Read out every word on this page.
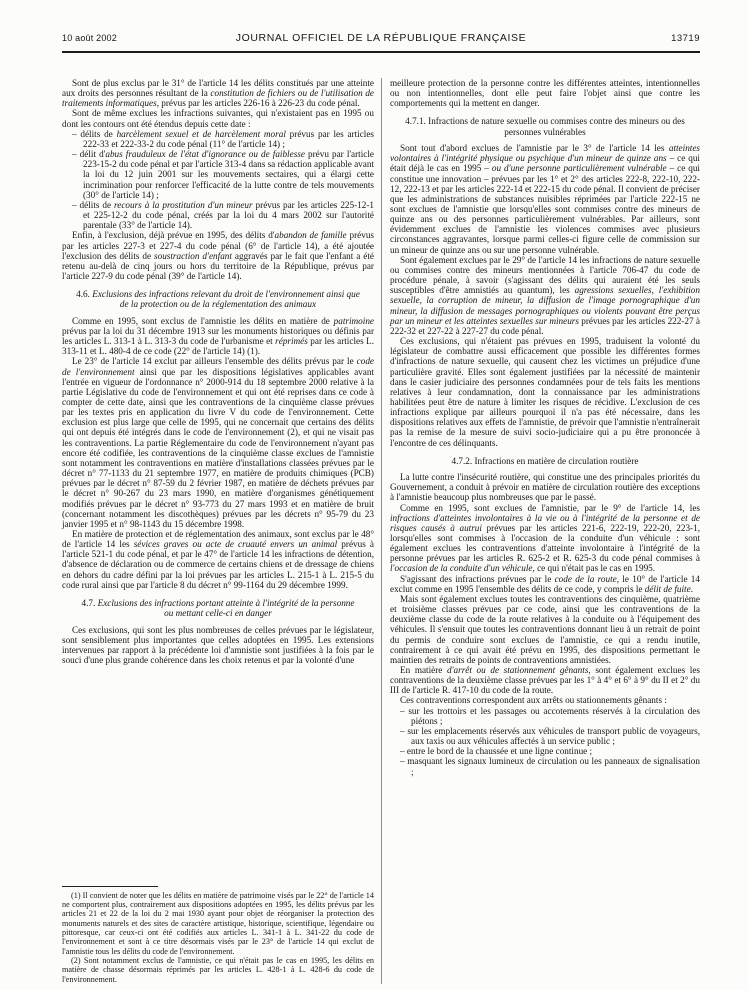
10 août 2002	JOURNAL OFFICIEL DE LA RÉPUBLIQUE FRANÇAISE	13719

Sont de plus exclus par le 31° de l'article 14 les délits constitués par une atteinte aux droits des personnes résultant de la constitution de fichiers ou de l'utilisation de traitements informatiques, prévus par les articles 226-16 à 226-23 du code pénal.

Sont de même exclues les infractions suivantes, qui n'existaient pas en 1995 ou dont les contours ont été étendus depuis cette date :

– délits de harcèlement sexuel et de harcèlement moral prévus par les articles 222-33 et 222-33-2 du code pénal (11° de l'article 14) ;

– délit d'abus frauduleux de l'état d'ignorance ou de faiblesse prévu par l'article 223-15-2 du code pénal et par l'article 313-4 dans sa rédaction applicable avant la loi du 12 juin 2001 sur les mouvements sectaires, qui a élargi cette incrimination pour renforcer l'efficacité de la lutte contre de tels mouvements (30° de l'article 14) ;

– délits de recours à la prostitution d'un mineur prévus par les articles 225-12-1 et 225-12-2 du code pénal, créés par la loi du 4 mars 2002 sur l'autorité parentale (33° de l'article 14).

Enfin, à l'exclusion, déjà prévue en 1995, des délits d'abandon de famille prévus par les articles 227-3 et 227-4 du code pénal (6° de l'article 14), a été ajoutée l'exclusion des délits de soustraction d'enfant aggravés par le fait que l'enfant a été retenu au-delà de cinq jours ou hors du territoire de la République, prévus par l'article 227-9 du code pénal (39° de l'article 14).

4.6. Exclusions des infractions relevant du droit de l'environnement ainsi que de la protection ou de la réglementation des animaux

Comme en 1995, sont exclus de l'amnistie les délits en matière de patrimoine prévus par la loi du 31 décembre 1913 sur les monuments historiques ou définis par les articles L. 313-1 à L. 313-3 du code de l'urbanisme et réprimés par les articles L. 313-11 et L. 480-4 de ce code (22° de l'article 14) (1).

Le 23° de l'article 14 exclut par ailleurs l'ensemble des délits prévus par le code de l'environnement ainsi que par les dispositions législatives applicables avant l'entrée en vigueur de l'ordonnance n° 2000-914 du 18 septembre 2000 relative à la partie Législative du code de l'environnement et qui ont été reprises dans ce code à compter de cette date, ainsi que les contraventions de la cinquième classe prévues par les textes pris en application du livre V du code de l'environnement. Cette exclusion est plus large que celle de 1995, qui ne concernait que certains des délits qui ont depuis été intégrés dans le code de l'environnement (2), et qui ne visait pas les contraventions. La partie Réglementaire du code de l'environnement n'ayant pas encore été codifiée, les contraventions de la cinquième classe exclues de l'amnistie sont notamment les contraventions en matière d'installations classées prévues par le décret n° 77-1133 du 21 septembre 1977, en matière de produits chimiques (PCB) prévues par le décret n° 87-59 du 2 février 1987, en matière de déchets prévues par le décret n° 90-267 du 23 mars 1990, en matière d'organismes génétiquement modifiés prévues par le décret n° 93-773 du 27 mars 1993 et en matière de bruit (concernant notamment les discothèques) prévues par les décrets n° 95-79 du 23 janvier 1995 et n° 98-1143 du 15 décembre 1998.

En matière de protection et de réglementation des animaux, sont exclus par le 48° de l'article 14 les sévices graves ou acte de cruauté envers un animal prévus à l'article 521-1 du code pénal, et par le 47° de l'article 14 les infractions de détention, d'absence de déclaration ou de commerce de certains chiens et de dressage de chiens en dehors du cadre défini par la loi prévues par les articles L. 215-1 à L. 215-5 du code rural ainsi que par l'article 8 du décret n° 99-1164 du 29 décembre 1999.

4.7. Exclusions des infractions portant atteinte à l'intégrité de la personne ou mettant celle-ci en danger

Ces exclusions, qui sont les plus nombreuses de celles prévues par le législateur, sont sensiblement plus importantes que celles adoptées en 1995. Les extensions intervenues par rapport à la précédente loi d'amnistie sont justifiées à la fois par le souci d'une plus grande cohérence dans les choix retenus et par la volonté d'une

(1) Il convient de noter que les délits en matière de patrimoine visés par le 22° de l'article 14 ne comportent plus, contrairement aux dispositions adoptées en 1995, les délits prévus par les articles 21 et 22 de la loi du 2 mai 1930 ayant pour objet de réorganiser la protection des monuments naturels et des sites de caractère artistique, historique, scientifique, légendaire ou pittoresque, car ceux-ci ont été codifiés aux articles L. 341-1 à L. 341-22 du code de l'environnement et sont à ce titre désormais visés par le 23° de l'article 14 qui exclut de l'amnistie tous les délits du code de l'environnement.

(2) Sont notamment exclus de l'amnistie, ce qui n'était pas le cas en 1995, les délits en matière de chasse désormais réprimés par les articles L. 428-1 à L. 428-6 du code de l'environnement.

meilleure protection de la personne contre les différentes atteintes, intentionnelles ou non intentionnelles, dont elle peut faire l'objet ainsi que contre les comportements qui la mettent en danger.

4.7.1. Infractions de nature sexuelle ou commises contre des mineurs ou des personnes vulnérables

Sont tout d'abord exclues de l'amnistie par le 3° de l'article 14 les atteintes volontaires à l'intégrité physique ou psychique d'un mineur de quinze ans – ce qui était déjà le cas en 1995 – ou d'une personne particulièrement vulnérable – ce qui constitue une innovation – prévues par les 1° et 2° des articles 222-8, 222-10, 222-12, 222-13 et par les articles 222-14 et 222-15 du code pénal. Il convient de préciser que les administrations de substances nuisibles réprimées par l'article 222-15 ne sont exclues de l'amnistie que lorsqu'elles sont commises contre des mineurs de quinze ans ou des personnes particulièrement vulnérables. Par ailleurs, sont évidemment exclues de l'amnistie les violences commises avec plusieurs circonstances aggravantes, lorsque parmi celles-ci figure celle de commission sur un mineur de quinze ans ou sur une personne vulnérable.

Sont également exclues par le 29° de l'article 14 les infractions de nature sexuelle ou commises contre des mineurs mentionnées à l'article 706-47 du code de procédure pénale, à savoir (s'agissant des délits qui auraient été les seuls susceptibles d'être amnistiés au quantum), les agressions sexuelles, l'exhibition sexuelle, la corruption de mineur, la diffusion de l'image pornographique d'un mineur, la diffusion de messages pornographiques ou violents pouvant être perçus par un mineur et les atteintes sexuelles sur mineurs prévues par les articles 222-27 à 222-32 et 227-22 à 227-27 du code pénal.

Ces exclusions, qui n'étaient pas prévues en 1995, traduisent la volonté du législateur de combattre aussi efficacement que possible les différentes formes d'infractions de nature sexuelle, qui causent chez les victimes un préjudice d'une particulière gravité. Elles sont également justifiées par la nécessité de maintenir dans le casier judiciaire des personnes condamnées pour de tels faits les mentions relatives à leur condamnation, dont la connaissance par les administrations habilitées peut être de nature à limiter les risques de récidive. L'exclusion de ces infractions explique par ailleurs pourquoi il n'a pas été nécessaire, dans les dispositions relatives aux effets de l'amnistie, de prévoir que l'amnistie n'entraînerait pas la remise de la mesure de suivi socio-judiciaire qui a pu être prononcée à l'encontre de ces délinquants.

4.7.2. Infractions en matière de circulation routière

La lutte contre l'insécurité routière, qui constitue une des principales priorités du Gouvernement, a conduit à prévoir en matière de circulation routière des exceptions à l'amnistie beaucoup plus nombreuses que par le passé.

Comme en 1995, sont exclues de l'amnistie, par le 9° de l'article 14, les infractions d'atteintes involontaires à la vie ou à l'intégrité de la personne et de risques causés à autrui prévues par les articles 221-6, 222-19, 222-20, 223-1, lorsqu'elles sont commises à l'occasion de la conduite d'un véhicule : sont également exclues les contraventions d'atteinte involontaire à l'intégrité de la personne prévues par les articles R. 625-2 et R. 625-3 du code pénal commises à l'occasion de la conduite d'un véhicule, ce qui n'était pas le cas en 1995.

S'agissant des infractions prévues par le code de la route, le 10° de l'article 14 exclut comme en 1995 l'ensemble des délits de ce code, y compris le délit de fuite.

Mais sont également exclues toutes les contraventions des cinquième, quatrième et troisième classes prévues par ce code, ainsi que les contraventions de la deuxième classe du code de la route relatives à la conduite ou à l'équipement des véhicules. Il s'ensuit que toutes les contraventions donnant lieu à un retrait de point du permis de conduire sont exclues de l'amnistie, ce qui a rendu inutile, contrairement à ce qui avait été prévu en 1995, des dispositions permettant le maintien des retraits de points de contraventions amnistiées.

En matière d'arrêt ou de stationnement gênants, sont également exclues les contraventions de la deuxième classe prévues par les 1° à 4° et 6° à 9° du II et 2° du III de l'article R. 417-10 du code de la route.

Ces contraventions correspondent aux arrêts ou stationnements gênants :

– sur les trottoirs et les passages ou accotements réservés à la circulation des piétons ;

– sur les emplacements réservés aux véhicules de transport public de voyageurs, aux taxis ou aux véhicules affectés à un service public ;

– entre le bord de la chaussée et une ligne continue ;

– masquant les signaux lumineux de circulation ou les panneaux de signalisation ;
